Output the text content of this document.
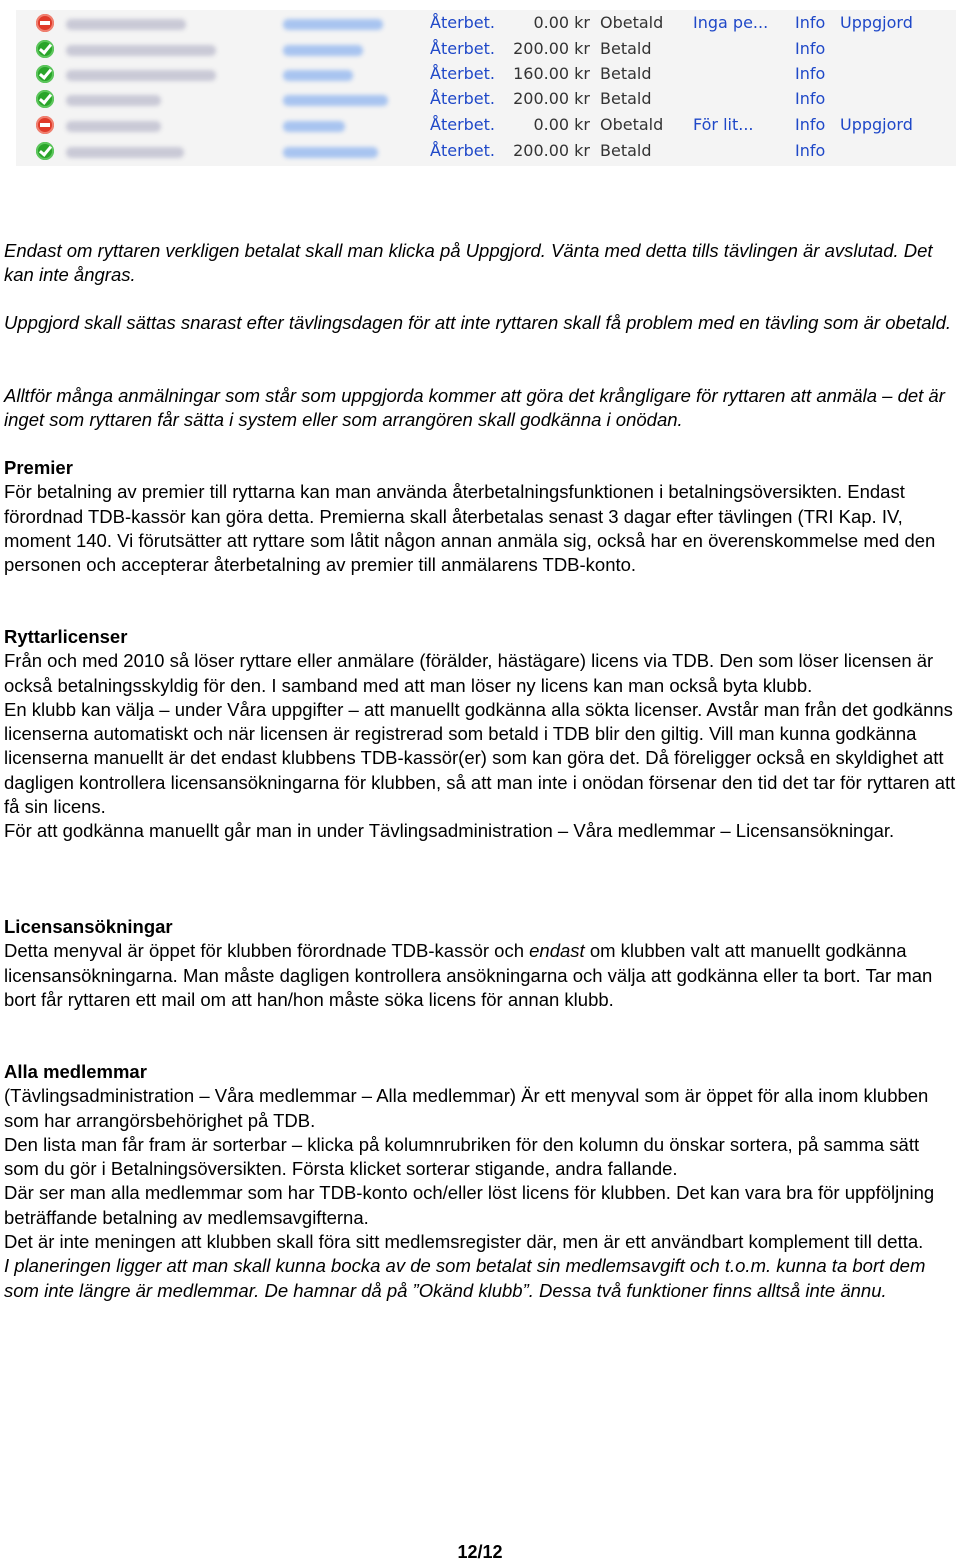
Återbet.	0.00 kr Obetald Inga pe... Info Uppgjord
Återbet.	200.00 kr Betald	Info
Återbet.	160.00 kr Betald	Info
Återbet.	200.00 kr Betald	Info
Återbet.	0.00 kr Obetald För lit...	Info Uppgjord
Återbet.	200.00 kr Betald	Info

Endast om ryttaren verkligen betalat skall man klicka på Uppgjord. Vänta med detta tills tävlingen är avslutad. Det kan inte ångras.

Uppgjord skall sättas snarast efter tävlingsdagen för att inte ryttaren skall få problem med en tävling som är obetald.

Alltför många anmälningar som står som uppgjorda kommer att göra det krångligare för ryttaren att anmäla – det är inget som ryttaren får sätta i system eller som arrangören skall godkänna i onödan.

Premier
För betalning av premier till ryttarna kan man använda återbetalningsfunktionen i betalningsöversikten. Endast förordnad TDB-kassör kan göra detta. Premierna skall återbetalas senast 3 dagar efter tävlingen (TRI Kap. IV, moment 140. Vi förutsätter att ryttare som låtit någon annan anmäla sig, också har en överenskommelse med den personen och accepterar återbetalning av premier till anmälarens TDB-konto.
Ryttarlicenser
Från och med 2010 så löser ryttare eller anmälare (förälder, hästägare) licens via TDB. Den som löser licensen är också betalningsskyldig för den. I samband med att man löser ny licens kan man också byta klubb.
En klubb kan välja – under Våra uppgifter – att manuellt godkänna alla sökta licenser. Avstår man från det godkänns licenserna automatiskt och när licensen är registrerad som betald i TDB blir den giltig. Vill man kunna godkänna licenserna manuellt är det endast klubbens TDB-kassör(er) som kan göra det. Då föreligger också en skyldighet att dagligen kontrollera licensansökningarna för klubben, så att man inte i onödan försenar den tid det tar för ryttaren att få sin licens.
För att godkänna manuellt går man in under Tävlingsadministration – Våra medlemmar – Licensansökningar.
Licensansökningar
Detta menyval är öppet för klubben förordnade TDB-kassör och endast om klubben valt att manuellt godkänna licensansökningarna. Man måste dagligen kontrollera ansökningarna och välja att godkänna eller ta bort. Tar man bort får ryttaren ett mail om att han/hon måste söka licens för annan klubb.
Alla medlemmar
(Tävlingsadministration – Våra medlemmar – Alla medlemmar) Är ett menyval som är öppet för alla inom klubben som har arrangörsbehörighet på TDB.
Den lista man får fram är sorterbar – klicka på kolumnrubriken för den kolumn du önskar sortera, på samma sätt som du gör i Betalningsöversikten. Första klicket sorterar stigande, andra fallande.
Där ser man alla medlemmar som har TDB-konto och/eller löst licens för klubben. Det kan vara bra för uppföljning beträffande betalning av medlemsavgifterna.
Det är inte meningen att klubben skall föra sitt medlemsregister där, men är ett användbart komplement till detta.
I planeringen ligger att man skall kunna bocka av de som betalat sin medlemsavgift och t.o.m. kunna ta bort dem som inte längre är medlemmar. De hamnar då på ”Okänd klubb”. Dessa två funktioner finns alltså inte ännu.
12/12
